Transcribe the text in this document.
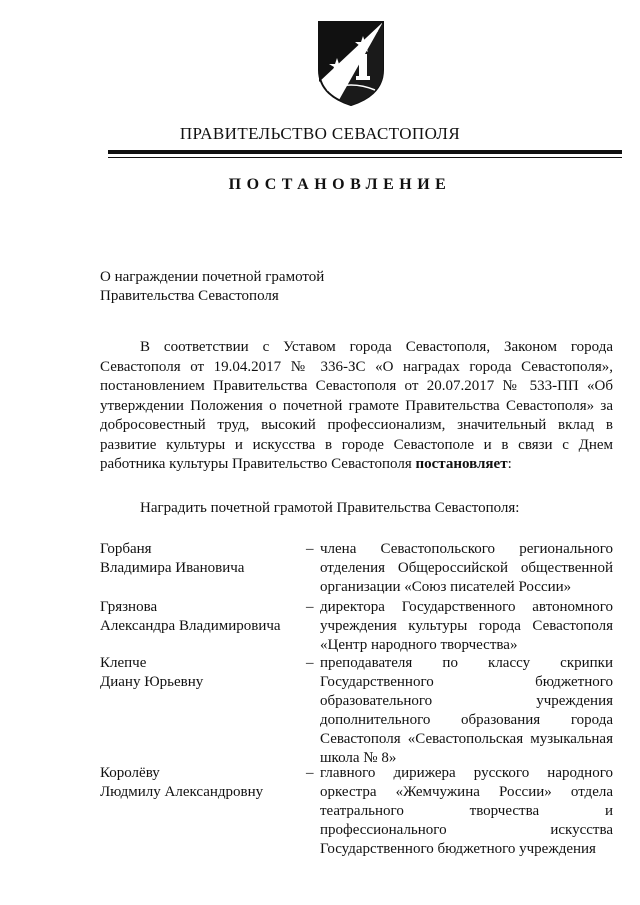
ПРАВИТЕЛЬСТВО СЕВАСТОПОЛЯ
ПОСТАНОВЛЕНИЕ
О награждении почетной грамотой
Правительства Севастополя
В соответствии с Уставом города Севастополя, Законом города Севастополя от 19.04.2017 № 336-ЗС «О наградах города Севастополя», постановлением Правительства Севастополя от 20.07.2017 № 533-ПП «Об утверждении Положения о почетной грамоте Правительства Севастополя» за добросовестный труд, высокий профессионализм, значительный вклад в развитие культуры и искусства в городе Севастополе и в связи с Днем работника культуры Правительство Севастополя постановляет:
Наградить почетной грамотой Правительства Севастополя:
Горбаня
Владимира Ивановича
– члена Севастопольского регионального отделения Общероссийской общественной организации «Союз писателей России»
Грязнова
Александра Владимировича
– директора Государственного автономного учреждения культуры города Севастополя «Центр народного творчества»
Клепче
Диану Юрьевну
– преподавателя по классу скрипки Государственного бюджетного образовательного учреждения дополнительного образования города Севастополя «Севастопольская музыкальная школа № 8»
Королёву
Людмилу Александровну
– главного дирижера русского народного оркестра «Жемчужина России» отдела театрального творчества и профессионального искусства Государственного бюджетного учреждения
